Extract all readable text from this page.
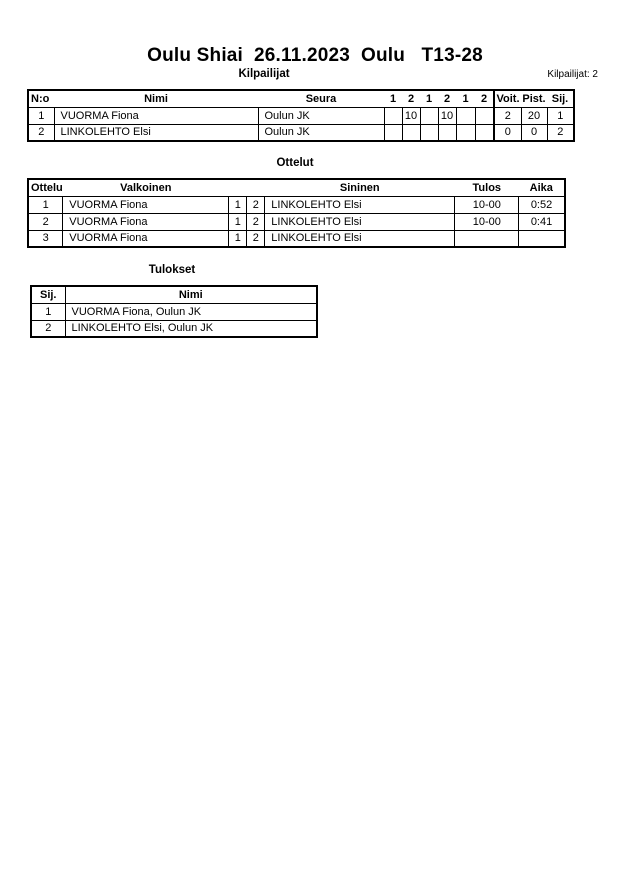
Oulu Shiai  26.11.2023  Oulu   T13-28
Kilpailijat	Kilpailijat: 2
N:o	Nimi	Seura	1	2	1	2	1	2	Voit.	Pist.	Sij.
1	VUORMA Fiona	Oulun JK		10		10			2	20	1
2	LINKOLEHTO Elsi	Oulun JK							0	0	2
Ottelut
Ottelu	Valkoinen			Sininen	Tulos	Aika
1	VUORMA Fiona	1	2	LINKOLEHTO Elsi	10-00	0:52
2	VUORMA Fiona	1	2	LINKOLEHTO Elsi	10-00	0:41
3	VUORMA Fiona	1	2	LINKOLEHTO Elsi		
Tulokset
Sij.	Nimi
1	VUORMA Fiona, Oulun JK
2	LINKOLEHTO Elsi, Oulun JK
